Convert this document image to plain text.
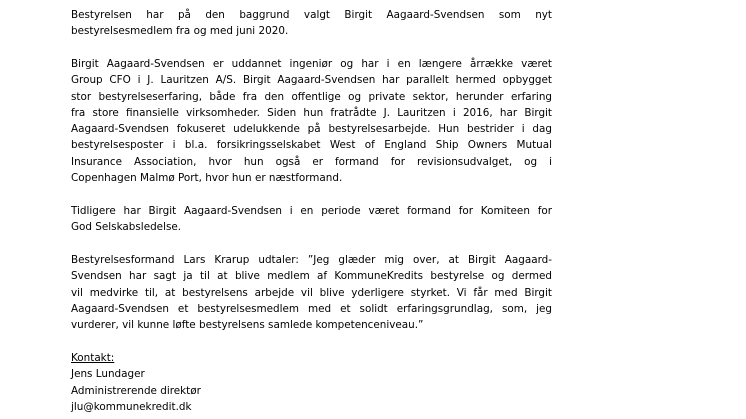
Bestyrelsen har på den baggrund valgt Birgit Aagaard-Svendsen som nyt
bestyrelsesmedlem fra og med juni 2020.

Birgit Aagaard-Svendsen er uddannet ingeniør og har i en længere årrække været
Group CFO i J. Lauritzen A/S. Birgit Aagaard-Svendsen har parallelt hermed opbygget
stor bestyrelseserfaring, både fra den offentlige og private sektor, herunder erfaring
fra store finansielle virksomheder. Siden hun fratrådte J. Lauritzen i 2016, har Birgit
Aagaard-Svendsen fokuseret udelukkende på bestyrelsesarbejde. Hun bestrider i dag
bestyrelsesposter i bl.a. forsikringsselskabet West of England Ship Owners Mutual
Insurance Association, hvor hun også er formand for revisionsudvalget, og i
Copenhagen Malmø Port, hvor hun er næstformand.

Tidligere har Birgit Aagaard-Svendsen i en periode været formand for Komiteen for
God Selskabsledelse.

Bestyrelsesformand Lars Krarup udtaler: ”Jeg glæder mig over, at Birgit Aagaard-
Svendsen har sagt ja til at blive medlem af KommuneKredits bestyrelse og dermed
vil medvirke til, at bestyrelsens arbejde vil blive yderligere styrket. Vi får med Birgit
Aagaard-Svendsen et bestyrelsesmedlem med et solidt erfaringsgrundlag, som, jeg
vurderer, vil kunne løfte bestyrelsens samlede kompetenceniveau.”

Kontakt:
Jens Lundager
Administrerende direktør
jlu@kommunekredit.dk
